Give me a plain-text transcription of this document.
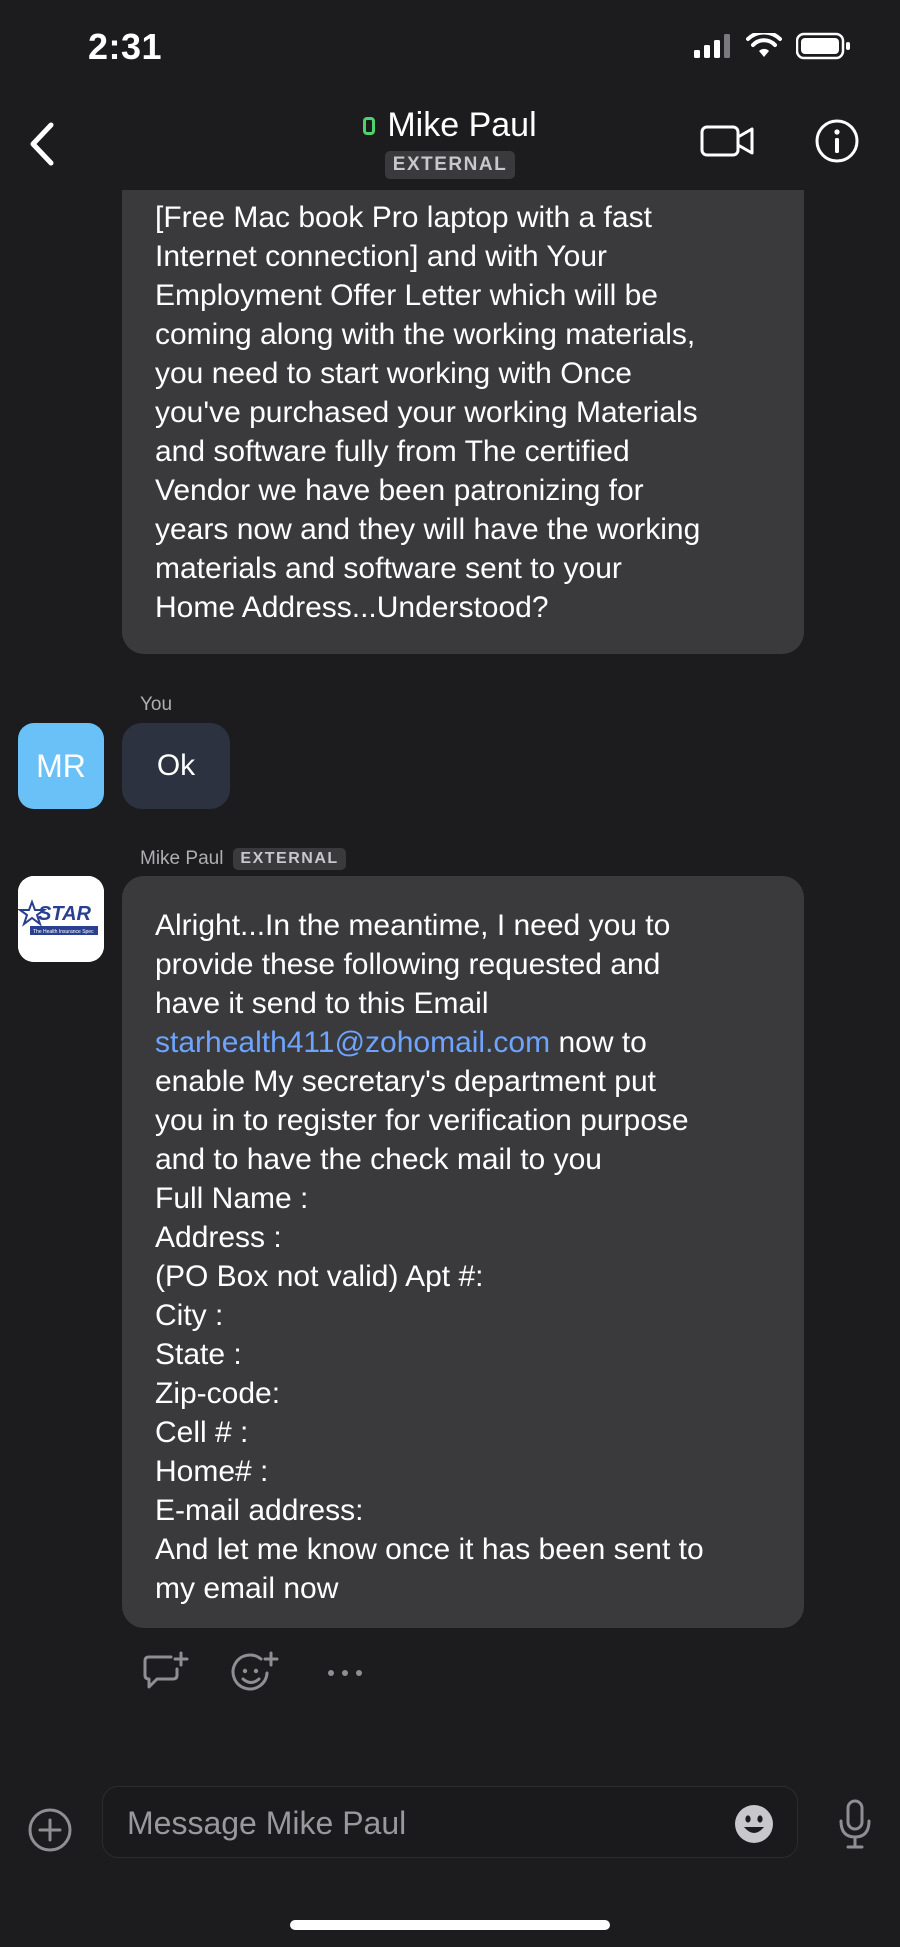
2:31
[Free Mac book Pro laptop with a fast
Internet connection] and with Your
Employment Offer Letter which will be
coming along with the working materials,
you need to start working with Once
you've purchased your working Materials
and software fully from The certified
Vendor we have been patronizing for
years now and they will have the working
materials and software sent to your
Home Address...Understood?
Mike Paul
EXTERNAL
You
MR	Ok
Mike Paul	EXTERNAL
STAR
The Health Insurance Spec Alright...In the meantime, I need you to
provide these following requested and
have it send to this Email
starhealth411@zohomail.com now to
enable My secretary's department put
you in to register for verification purpose
and to have the check mail to you
Full Name :
Address :
(PO Box not valid) Apt #:
City :
State :
Zip-code:
Cell # :
Home# :
E-mail address:
And let me know once it has been sent to
my email now
Message Mike Paul
